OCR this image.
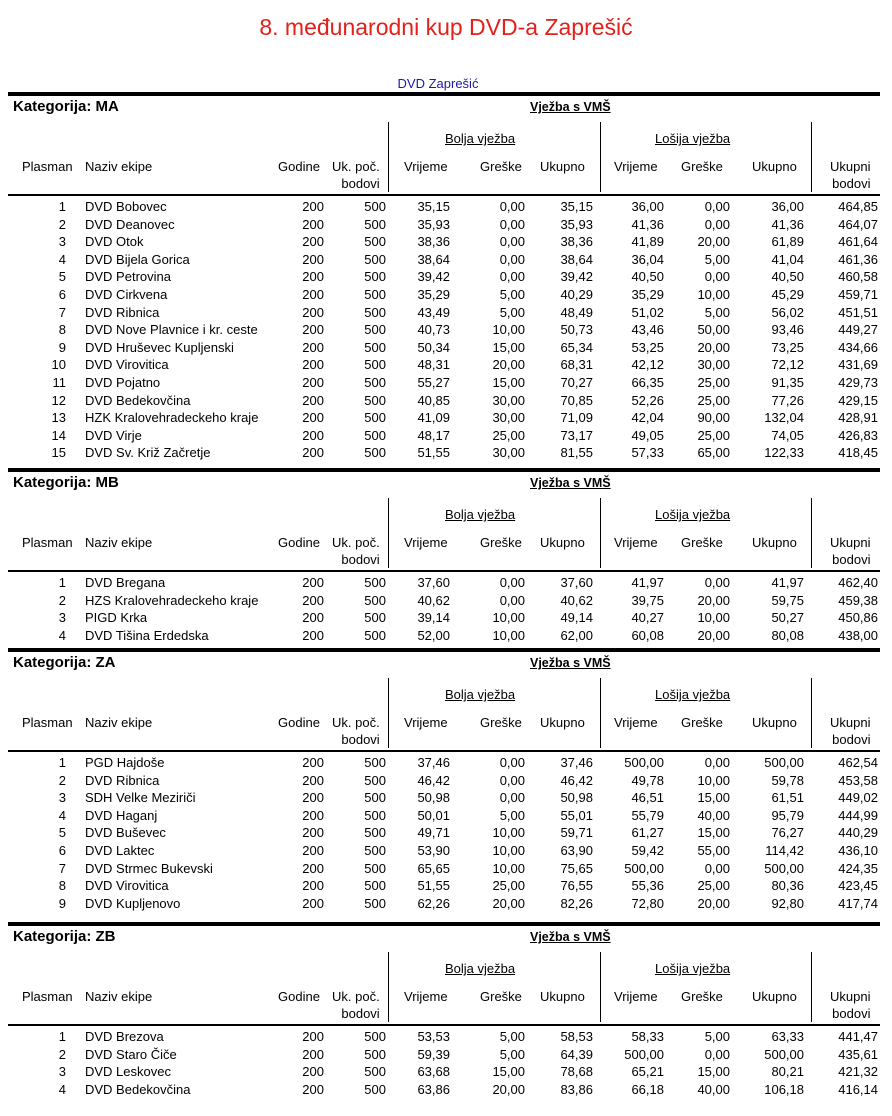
8. međunarodni kup DVD-a Zaprešić
DVD Zaprešić
Kategorija: MA	Vježba s VMŠ
Bolja vježba	Lošija vježba
Plasman Naziv ekipe	Godine	Vrijeme Greške Ukupno Vrijeme Greške Ukupno
Uk. poč.
bodovi
Ukupni
bodovi
1 DVD Bobovec	200	500	35,15	0,00	35,15	36,00	0,00	36,00	464,85
2 DVD Deanovec	200	500	35,93	0,00	35,93	41,36	0,00	41,36	464,07
3 DVD Otok	200	500	38,36	0,00	38,36	41,89	20,00	61,89	461,64
4 DVD Bijela Gorica	200	500	38,64	0,00	38,64	36,04	5,00	41,04	461,36
5 DVD Petrovina	200	500	39,42	0,00	39,42	40,50	0,00	40,50	460,58
6 DVD Cirkvena	200	500	35,29	5,00	40,29	35,29	10,00	45,29	459,71
7 DVD Ribnica	200	500	43,49	5,00	48,49	51,02	5,00	56,02	451,51
8 DVD Nove Plavnice i kr. ceste	200	500	40,73	10,00	50,73	43,46	50,00	93,46	449,27
9 DVD Hruševec Kupljenski	200	500	50,34	15,00	65,34	53,25	20,00	73,25	434,66
10 DVD Virovitica	200	500	48,31	20,00	68,31	42,12	30,00	72,12	431,69
11 DVD Pojatno	200	500	55,27	15,00	70,27	66,35	25,00	91,35	429,73
12 DVD Bedekovčina	200	500	40,85	30,00	70,85	52,26	25,00	77,26	429,15
13 HZK Kralovehradeckeho kraje	200	500	41,09	30,00	71,09	42,04	90,00	132,04	428,91
14 DVD Virje	200	500	48,17	25,00	73,17	49,05	25,00	74,05	426,83
15 DVD Sv. Križ Začretje	200	500	51,55	30,00	81,55	57,33	65,00	122,33	418,45
Kategorija: MB	Vježba s VMŠ
Bolja vježba	Lošija vježba
Plasman Naziv ekipe	Godine	Vrijeme Greške Ukupno Vrijeme Greške Ukupno
Uk. poč.
bodovi
Ukupni
bodovi
1 DVD Bregana	200	500	37,60	0,00	37,60	41,97	0,00	41,97	462,40
2 HZS Kralovehradeckeho kraje	200	500	40,62	0,00	40,62	39,75	20,00	59,75	459,38
3 PIGD Krka	200	500	39,14	10,00	49,14	40,27	10,00	50,27	450,86
4 DVD Tišina Erdedska	200	500	52,00	10,00	62,00	60,08	20,00	80,08	438,00
Kategorija: ZA	Vježba s VMŠ
Bolja vježba	Lošija vježba
Plasman Naziv ekipe	Godine	Vrijeme Greške Ukupno Vrijeme Greške Ukupno
Uk. poč.
bodovi
Ukupni
bodovi
1 PGD Hajdoše	200	500	37,46	0,00	37,46	500,00	0,00	500,00	462,54
2 DVD Ribnica	200	500	46,42	0,00	46,42	49,78	10,00	59,78	453,58
3 SDH Velke Meziriči	200	500	50,98	0,00	50,98	46,51	15,00	61,51	449,02
4 DVD Haganj	200	500	50,01	5,00	55,01	55,79	40,00	95,79	444,99
5 DVD Buševec	200	500	49,71	10,00	59,71	61,27	15,00	76,27	440,29
6 DVD Laktec	200	500	53,90	10,00	63,90	59,42	55,00	114,42	436,10
7 DVD Strmec Bukevski	200	500	65,65	10,00	75,65	500,00	0,00	500,00	424,35
8 DVD Virovitica	200	500	51,55	25,00	76,55	55,36	25,00	80,36	423,45
9 DVD Kupljenovo	200	500	62,26	20,00	82,26	72,80	20,00	92,80	417,74
Kategorija: ZB	Vježba s VMŠ
Bolja vježba	Lošija vježba
Plasman Naziv ekipe	Godine	Vrijeme Greške Ukupno Vrijeme Greške Ukupno
Uk. poč.
bodovi
Ukupni
bodovi
1 DVD Brezova	200	500	53,53	5,00	58,53	58,33	5,00	63,33	441,47
2 DVD Staro Čiče	200	500	59,39	5,00	64,39	500,00	0,00	500,00	435,61
3 DVD Leskovec	200	500	63,68	15,00	78,68	65,21	15,00	80,21	421,32
4 DVD Bedekovčina	200	500	63,86	20,00	83,86	66,18	40,00	106,18	416,14
